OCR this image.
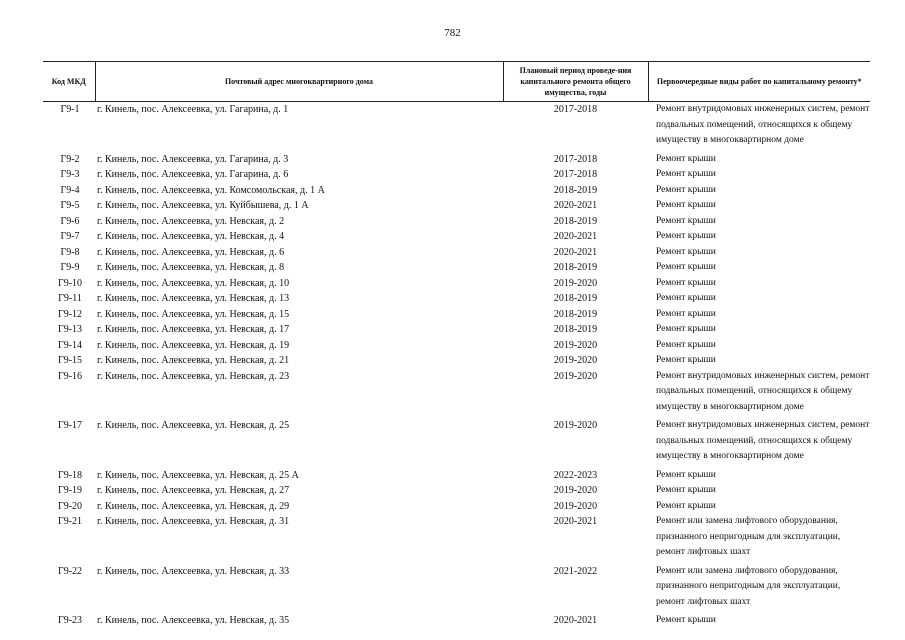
782
Код МКД	Почтовый адрес многоквартирного дома	Плановый период проведе-ния капитального ремонта общего имущества, годы	Первоочередные виды работ по капитальному ремонту*
Г9-1	г. Кинель, пос. Алексеевка, ул. Гагарина, д. 1	2017-2018	Ремонт внутридомовых инженерных систем, ремонт подвальных помещений, относящихся к общему имуществу в многоквартирном доме
Г9-2	г. Кинель, пос. Алексеевка, ул. Гагарина, д. 3	2017-2018	Ремонт крыши
Г9-3	г. Кинель, пос. Алексеевка, ул. Гагарина, д. 6	2017-2018	Ремонт крыши
Г9-4	г. Кинель, пос. Алексеевка, ул. Комсомольская, д. 1 А	2018-2019	Ремонт крыши
Г9-5	г. Кинель, пос. Алексеевка, ул. Куйбышева, д. 1 А	2020-2021	Ремонт крыши
Г9-6	г. Кинель, пос. Алексеевка, ул. Невская, д. 2	2018-2019	Ремонт крыши
Г9-7	г. Кинель, пос. Алексеевка, ул. Невская, д. 4	2020-2021	Ремонт крыши
Г9-8	г. Кинель, пос. Алексеевка, ул. Невская, д. 6	2020-2021	Ремонт крыши
Г9-9	г. Кинель, пос. Алексеевка, ул. Невская, д. 8	2018-2019	Ремонт крыши
Г9-10	г. Кинель, пос. Алексеевка, ул. Невская, д. 10	2019-2020	Ремонт крыши
Г9-11	г. Кинель, пос. Алексеевка, ул. Невская, д. 13	2018-2019	Ремонт крыши
Г9-12	г. Кинель, пос. Алексеевка, ул. Невская, д. 15	2018-2019	Ремонт крыши
Г9-13	г. Кинель, пос. Алексеевка, ул. Невская, д. 17	2018-2019	Ремонт крыши
Г9-14	г. Кинель, пос. Алексеевка, ул. Невская, д. 19	2019-2020	Ремонт крыши
Г9-15	г. Кинель, пос. Алексеевка, ул. Невская, д. 21	2019-2020	Ремонт крыши
Г9-16	г. Кинель, пос. Алексеевка, ул. Невская, д. 23	2019-2020	Ремонт внутридомовых инженерных систем, ремонт подвальных помещений, относящихся к общему имуществу в многоквартирном доме
Г9-17	г. Кинель, пос. Алексеевка, ул. Невская, д. 25	2019-2020	Ремонт внутридомовых инженерных систем, ремонт подвальных помещений, относящихся к общему имуществу в многоквартирном доме
Г9-18	г. Кинель, пос. Алексеевка, ул. Невская, д. 25 А	2022-2023	Ремонт крыши
Г9-19	г. Кинель, пос. Алексеевка, ул. Невская, д. 27	2019-2020	Ремонт крыши
Г9-20	г. Кинель, пос. Алексеевка, ул. Невская, д. 29	2019-2020	Ремонт крыши
Г9-21	г. Кинель, пос. Алексеевка, ул. Невская, д. 31	2020-2021	Ремонт или замена лифтового оборудования, признанного непригодным для эксплуатации, ремонт лифтовых шахт
Г9-22	г. Кинель, пос. Алексеевка, ул. Невская, д. 33	2021-2022	Ремонт или замена лифтового оборудования, признанного непригодным для эксплуатации, ремонт лифтовых шахт
Г9-23	г. Кинель, пос. Алексеевка, ул. Невская, д. 35	2020-2021	Ремонт крыши
